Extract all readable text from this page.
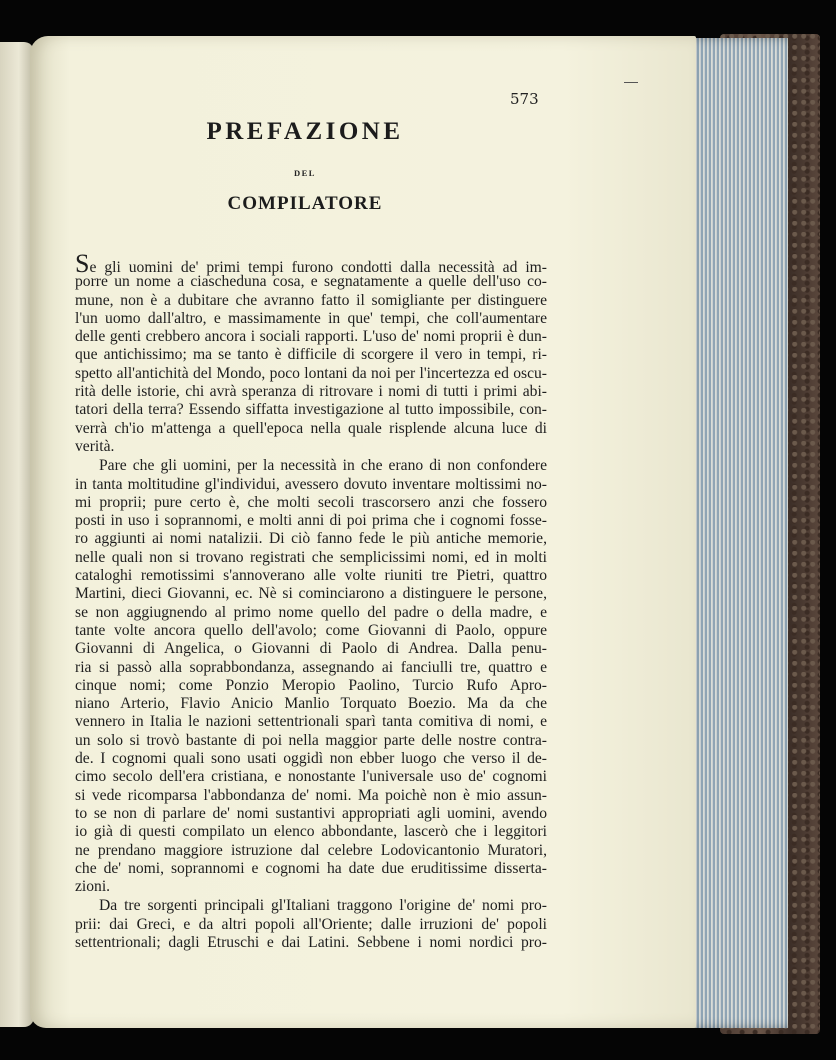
573
PREFAZIONE
DEL
COMPILATORE
Se gli uomini de' primi tempi furono condotti dalla necessità ad im-
porre un nome a ciascheduna cosa, e segnatamente a quelle dell'uso co-
mune, non è a dubitare che avranno fatto il somigliante per distinguere
l'un uomo dall'altro, e massimamente in que' tempi, che coll'aumentare
delle genti crebbero ancora i sociali rapporti. L'uso de' nomi proprii è dun-
que antichissimo; ma se tanto è difficile di scorgere il vero in tempi, ri-
spetto all'antichità del Mondo, poco lontani da noi per l'incertezza ed oscu-
rità delle istorie, chi avrà speranza di ritrovare i nomi di tutti i primi abi-
tatori della terra? Essendo siffatta investigazione al tutto impossibile, con-
verrà ch'io m'attenga a quell'epoca nella quale risplende alcuna luce di
verità.
Pare che gli uomini, per la necessità in che erano di non confondere
in tanta moltitudine gl'individui, avessero dovuto inventare moltissimi no-
mi proprii; pure certo è, che molti secoli trascorsero anzi che fossero
posti in uso i soprannomi, e molti anni di poi prima che i cognomi fosse-
ro aggiunti ai nomi natalizii. Di ciò fanno fede le più antiche memorie,
nelle quali non si trovano registrati che semplicissimi nomi, ed in molti
cataloghi remotissimi s'annoverano alle volte riuniti tre Pietri, quattro
Martini, dieci Giovanni, ec. Nè si cominciarono a distinguere le persone,
se non aggiugnendo al primo nome quello del padre o della madre, e
tante volte ancora quello dell'avolo; come Giovanni di Paolo, oppure
Giovanni di Angelica, o Giovanni di Paolo di Andrea. Dalla penu-
ria si passò alla soprabbondanza, assegnando ai fanciulli tre, quattro e
cinque nomi; come Ponzio Meropio Paolino, Turcio Rufo Apro-
niano Arterio, Flavio Anicio Manlio Torquato Boezio. Ma da che
vennero in Italia le nazioni settentrionali sparì tanta comitiva di nomi, e
un solo si trovò bastante di poi nella maggior parte delle nostre contra-
de. I cognomi quali sono usati oggidì non ebber luogo che verso il de-
cimo secolo dell'era cristiana, e nonostante l'universale uso de' cognomi
si vede ricomparsa l'abbondanza de' nomi. Ma poichè non è mio assun-
to se non di parlare de' nomi sustantivi appropriati agli uomini, avendo
io già di questi compilato un elenco abbondante, lascerò che i leggitori
ne prendano maggiore istruzione dal celebre Lodovicantonio Muratori,
che de' nomi, soprannomi e cognomi ha date due eruditissime disserta-
zioni.
Da tre sorgenti principali gl'Italiani traggono l'origine de' nomi pro-
prii: dai Greci, e da altri popoli all'Oriente; dalle irruzioni de' popoli
settentrionali; dagli Etruschi e dai Latini. Sebbene i nomi nordici pro-
